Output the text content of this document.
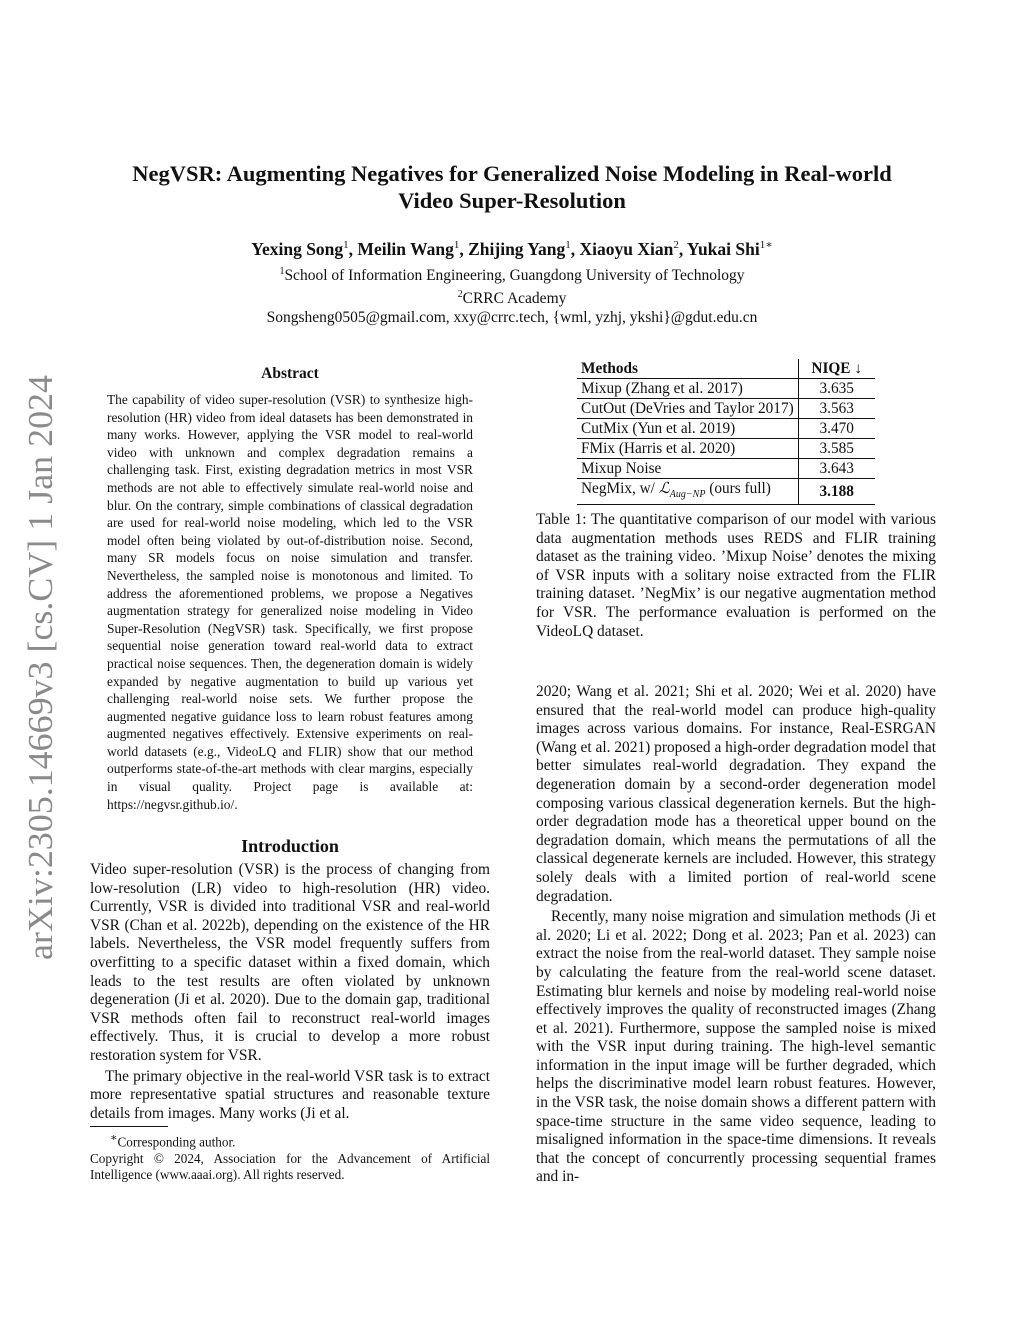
arXiv:2305.14669v3 [cs.CV] 1 Jan 2024
NegVSR: Augmenting Negatives for Generalized Noise Modeling in Real-world
Video Super-Resolution
Yexing Song$^1$, Meilin Wang$^1$, Zhijing Yang$^1$, Xiaoyu Xian$^2$, Yukai Shi$^{1∗}$
$^1$School of Information Engineering, Guangdong University of Technology
$^2$CRRC Academy
Songsheng0505@gmail.com, xxy@crrc.tech, {wml, yzhj, ykshi}@gdut.edu.cn
Abstract
The capability of video super-resolution (VSR) to synthesize high-resolution (HR) video from ideal datasets has been demonstrated in many works. However, applying the VSR model to real-world video with unknown and complex degradation remains a challenging task. First, existing degradation metrics in most VSR methods are not able to effectively simulate real-world noise and blur. On the contrary, simple combinations of classical degradation are used for real-world noise modeling, which led to the VSR model often being violated by out-of-distribution noise. Second, many SR models focus on noise simulation and transfer. Nevertheless, the sampled noise is monotonous and limited. To address the aforementioned problems, we propose a Negatives augmentation strategy for generalized noise modeling in Video Super-Resolution (NegVSR) task. Specifically, we first propose sequential noise generation toward real-world data to extract practical noise sequences. Then, the degeneration domain is widely expanded by negative augmentation to build up various yet challenging real-world noise sets. We further propose the augmented negative guidance loss to learn robust features among augmented negatives effectively. Extensive experiments on real-world datasets (e.g., VideoLQ and FLIR) show that our method outperforms state-of-the-art methods with clear margins, especially in visual quality. Project page is available at: https://negvsr.github.io/.
Introduction

Video super-resolution (VSR) is the process of changing from low-resolution (LR) video to high-resolution (HR) video. Currently, VSR is divided into traditional VSR and real-world VSR (Chan et al. 2022b), depending on the existence of the HR labels. Nevertheless, the VSR model frequently suffers from overfitting to a specific dataset within a fixed domain, which leads to the test results are often violated by unknown degeneration (Ji et al. 2020). Due to the domain gap, traditional VSR methods often fail to reconstruct real-world images effectively. Thus, it is crucial to develop a more robust restoration system for VSR.

The primary objective in the real-world VSR task is to extract more representative spatial structures and reasonable texture details from images. Many works (Ji et al.

∗Corresponding author.
Copyright © 2024, Association for the Advancement of Artificial Intelligence (www.aaai.org). All rights reserved.
Methods	NIQE ↓
Mixup (Zhang et al. 2017)	3.635
CutOut (DeVries and Taylor 2017)	3.563
CutMix (Yun et al. 2019)	3.470
FMix (Harris et al. 2020)	3.585
Mixup Noise	3.643
NegMix, w/ ℒ$_{Aug-NP}$ (ours full)	3.188

Table 1: The quantitative comparison of our model with various data augmentation methods uses REDS and FLIR training dataset as the training video. ’Mixup Noise’ denotes the mixing of VSR inputs with a solitary noise extracted from the FLIR training dataset. ’NegMix’ is our negative augmentation method for VSR. The performance evaluation is performed on the VideoLQ dataset.

2020; Wang et al. 2021; Shi et al. 2020; Wei et al. 2020) have ensured that the real-world model can produce high-quality images across various domains. For instance, Real-ESRGAN (Wang et al. 2021) proposed a high-order degradation model that better simulates real-world degradation. They expand the degeneration domain by a second-order degeneration model composing various classical degeneration kernels. But the high-order degradation mode has a theoretical upper bound on the degradation domain, which means the permutations of all the classical degenerate kernels are included. However, this strategy solely deals with a limited portion of real-world scene degradation.

Recently, many noise migration and simulation methods (Ji et al. 2020; Li et al. 2022; Dong et al. 2023; Pan et al. 2023) can extract the noise from the real-world dataset. They sample noise by calculating the feature from the real-world scene dataset. Estimating blur kernels and noise by modeling real-world noise effectively improves the quality of reconstructed images (Zhang et al. 2021). Furthermore, suppose the sampled noise is mixed with the VSR input during training. The high-level semantic information in the input image will be further degraded, which helps the discriminative model learn robust features. However, in the VSR task, the noise domain shows a different pattern with space-time structure in the same video sequence, leading to misaligned information in the space-time dimensions. It reveals that the concept of concurrently processing sequential frames and in-
